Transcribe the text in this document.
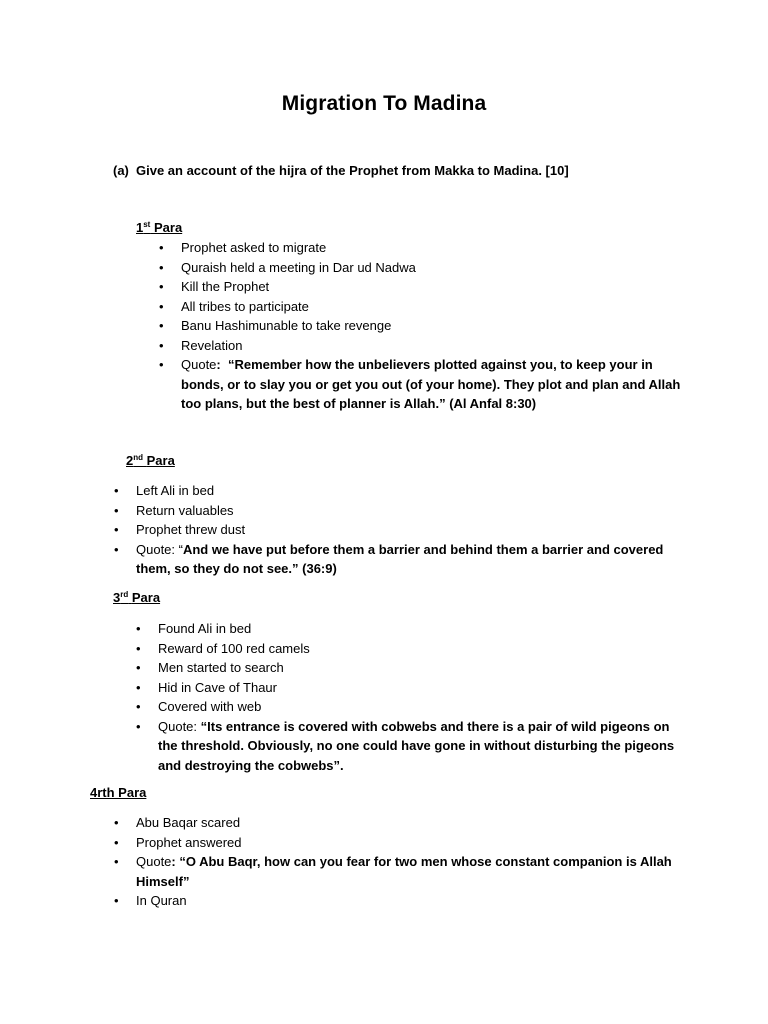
Migration To Madina
(a) Give an account of the hijra of the Prophet from Makka to Madina. [10]
1st Para
• Prophet asked to migrate
• Quraish held a meeting in Dar ud Nadwa
• Kill the Prophet
• All tribes to participate
• Banu Hashimunable to take revenge
• Revelation
• Quote: “Remember how the unbelievers plotted against you, to keep your in bonds, or to slay you or get you out (of your home). They plot and plan and Allah too plans, but the best of planner is Allah.” (Al Anfal 8:30)
2nd Para
• Left Ali in bed
• Return valuables
• Prophet threw dust
• Quote: “And we have put before them a barrier and behind them a barrier and covered them, so they do not see.” (36:9)
3rd Para
• Found Ali in bed
• Reward of 100 red camels
• Men started to search
• Hid in Cave of Thaur
• Covered with web
• Quote: “Its entrance is covered with cobwebs and there is a pair of wild pigeons on the threshold. Obviously, no one could have gone in without disturbing the pigeons and destroying the cobwebs”.
4rth Para
• Abu Baqar scared
• Prophet answered
• Quote: “O Abu Baqr, how can you fear for two men whose constant companion is Allah Himself”
• In Quran
